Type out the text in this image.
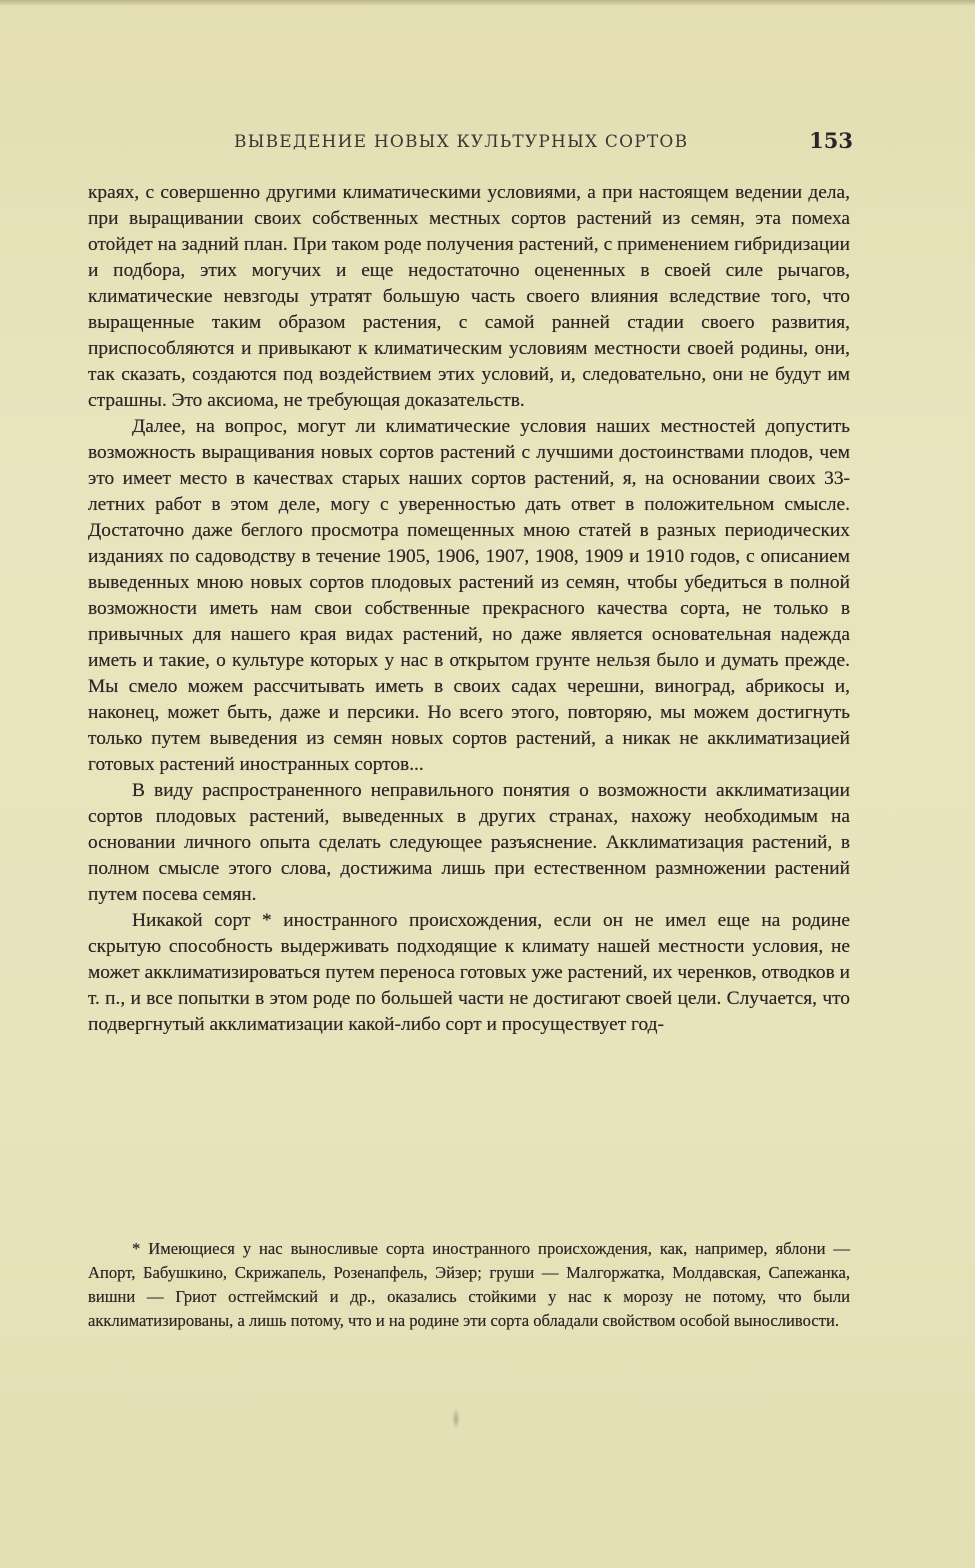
ВЫВЕДЕНИЕ НОВЫХ КУЛЬТУРНЫХ СОРТОВ	153

краях, с совершенно другими климатическими условиями, а при настоящем ведении дела, при выращивании своих собственных местных сортов растений из семян, эта помеха отойдет на задний план. При таком роде получения растений, с применением гибридизации и подбора, этих могучих и еще недостаточно оцененных в своей силе рычагов, климатические невзгоды утратят большую часть своего влияния вследствие того, что выращенные таким образом растения, с самой ранней стадии своего развития, приспособляются и привыкают к климатическим условиям местности своей родины, они, так сказать, создаются под воздействием этих условий, и, следовательно, они не будут им страшны. Это аксиома, не требующая доказательств.

Далее, на вопрос, могут ли климатические условия наших местностей допустить возможность выращивания новых сортов растений с лучшими достоинствами плодов, чем это имеет место в качествах старых наших сортов растений, я, на основании своих 33-летних работ в этом деле, могу с уверенностью дать ответ в положительном смысле. Достаточно даже беглого просмотра помещенных мною статей в разных периодических изданиях по садоводству в течение 1905, 1906, 1907, 1908, 1909 и 1910 годов, с описанием выведенных мною новых сортов плодовых растений из семян, чтобы убедиться в полной возможности иметь нам свои собственные прекрасного качества сорта, не только в привычных для нашего края видах растений, но даже является основательная надежда иметь и такие, о культуре которых у нас в открытом грунте нельзя было и думать прежде. Мы смело можем рассчитывать иметь в своих садах черешни, виноград, абрикосы и, наконец, может быть, даже и персики. Но всего этого, повторяю, мы можем достигнуть только путем выведения из семян новых сортов растений, а никак не акклиматизацией готовых растений иностранных сортов...

В виду распространенного неправильного понятия о возможности акклиматизации сортов плодовых растений, выведенных в других странах, нахожу необходимым на основании личного опыта сделать следующее разъяснение. Акклиматизация растений, в полном смысле этого слова, достижима лишь при естественном размножении растений путем посева семян.

Никакой сорт * иностранного происхождения, если он не имел еще на родине скрытую способность выдерживать подходящие к климату нашей местности условия, не может акклиматизироваться путем переноса готовых уже растений, их черенков, отводков и т. п., и все попытки в этом роде по большей части не достигают своей цели. Случается, что подвергнутый акклиматизации какой-либо сорт и просуществует год-

* Имеющиеся у нас выносливые сорта иностранного происхождения, как, например, яблони — Апорт, Бабушкино, Скрижапель, Розенапфель, Эйзер; груши — Малгоржатка, Молдавская, Сапежанка, вишни — Гриот остгеймский и др., оказались стойкими у нас к морозу не потому, что были акклиматизированы, а лишь потому, что и на родине эти сорта обладали свойством особой выносливости.
